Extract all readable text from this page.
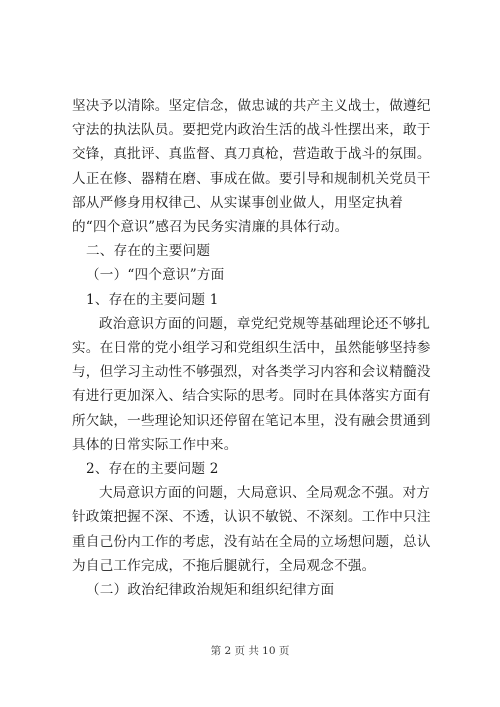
坚决予以清除。坚定信念，做忠诚的共产主义战士，做遵纪守法的执法队员。要把党内政治生活的战斗性摆出来，敢于交锋，真批评、真监督、真刀真枪，营造敢于战斗的氛围。人正在修、器精在磨、事成在做。要引导和规制机关党员干部从严修身用权律己、从实谋事创业做人，用坚定执着的“四个意识”感召为民务实清廉的具体行动。

二、存在的主要问题

（一）“四个意识”方面

1、存在的主要问题 1

政治意识方面的问题，章党纪党规等基础理论还不够扎实。在日常的党小组学习和党组织生活中，虽然能够坚持参与，但学习主动性不够强烈，对各类学习内容和会议精髓没有进行更加深入、结合实际的思考。同时在具体落实方面有所欠缺，一些理论知识还停留在笔记本里，没有融会贯通到具体的日常实际工作中来。

2、存在的主要问题 2

大局意识方面的问题，大局意识、全局观念不强。对方针政策把握不深、不透，认识不敏锐、不深刻。工作中只注重自己份内工作的考虑，没有站在全局的立场想问题，总认为自己工作完成，不拖后腿就行，全局观念不强。

（二）政治纪律政治规矩和组织纪律方面

第 2 页 共 10 页
